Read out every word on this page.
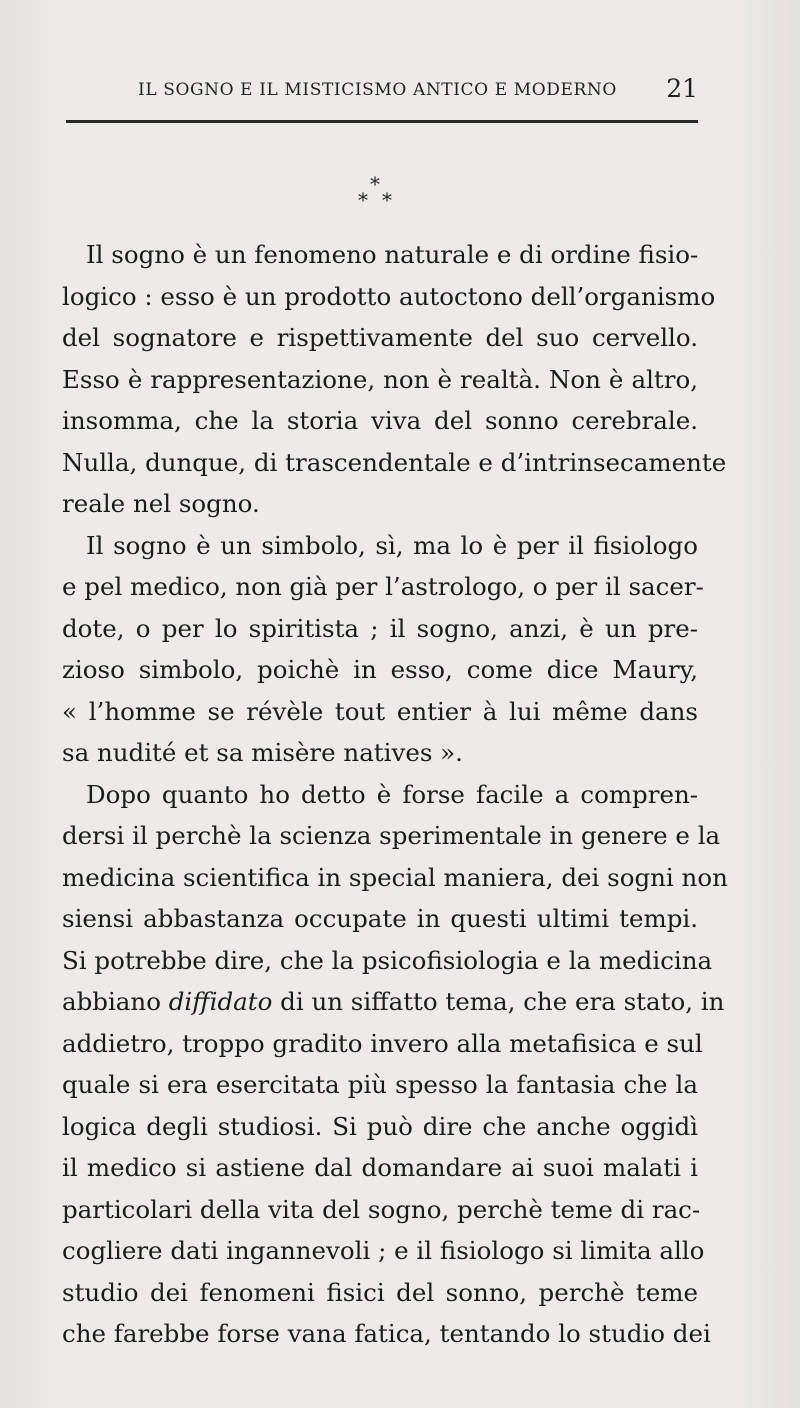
IL SOGNO E IL MISTICISMO ANTICO E MODERNO 21
*
* *
Il sogno è un fenomeno naturale e di ordine fisio-
logico : esso è un prodotto autoctono dell’organismo
del sognatore e rispettivamente del suo cervello.
Esso è rappresentazione, non è realtà. Non è altro,
insomma, che la storia viva del sonno cerebrale.
Nulla, dunque, di trascendentale e d’intrinsecamente
reale nel sogno.
Il sogno è un simbolo, sì, ma lo è per il fisiologo
e pel medico, non già per l’astrologo, o per il sacer-
dote, o per lo spiritista ; il sogno, anzi, è un pre-
zioso simbolo, poichè in esso, come dice Maury,
« l’homme se révèle tout entier à lui même dans
sa nudité et sa misère natives ».
Dopo quanto ho detto è forse facile a compren-
dersi il perchè la scienza sperimentale in genere e la
medicina scientifica in special maniera, dei sogni non
siensi abbastanza occupate in questi ultimi tempi.
Si potrebbe dire, che la psicofisiologia e la medicina
abbiano diffidato di un siffatto tema, che era stato, in
addietro, troppo gradito invero alla metafisica e sul
quale si era esercitata più spesso la fantasia che la
logica degli studiosi. Si può dire che anche oggidì
il medico si astiene dal domandare ai suoi malati i
particolari della vita del sogno, perchè teme di rac-
cogliere dati ingannevoli ; e il fisiologo si limita allo
studio dei fenomeni fisici del sonno, perchè teme
che farebbe forse vana fatica, tentando lo studio dei
